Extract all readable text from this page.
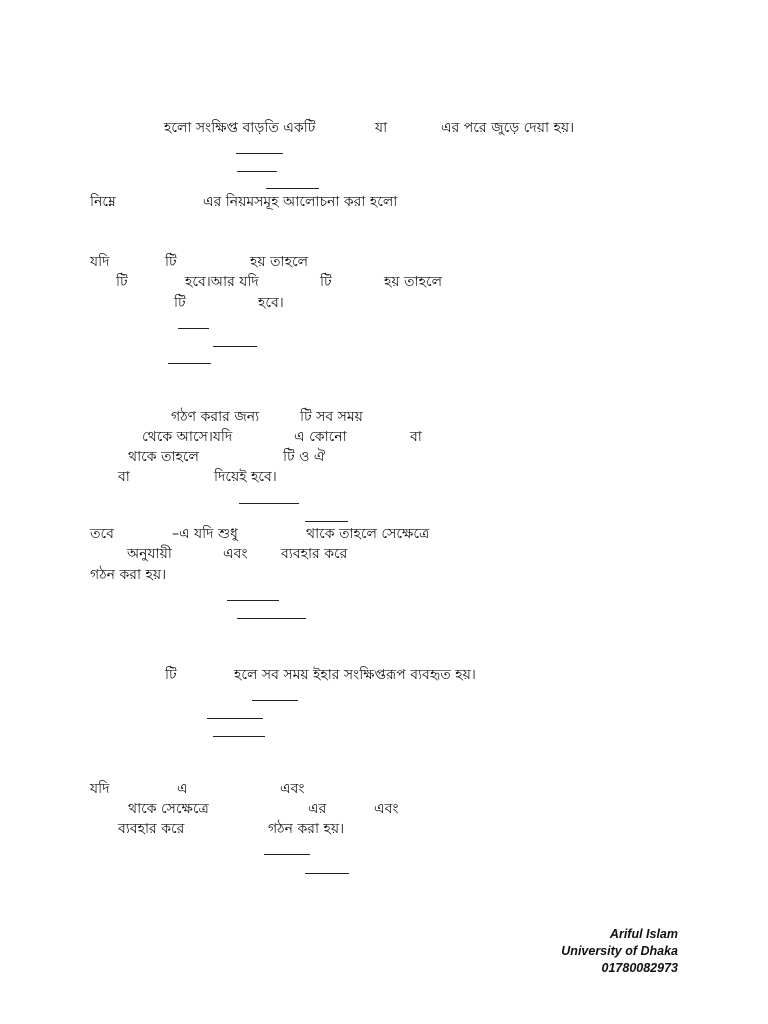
হলো সংক্ষিপ্ত বাড়তি একটি	যা	এর পরে জুড়ে দেয়া হয়।
নিম্নে	এর নিয়মসমূহ আলোচনা করা হলো
যদি	টি	হয় তাহলে
টি	হবে।আর যদি	টি	হয় তাহলে
টি	হবে।
গঠণ করার জন্য	টি সব সময়
থেকে আসে।যদি	এ কোনো	বা
থাকে তাহলে	টি ও ঐ
বা	দিয়েই হবে।
তবে	–এ যদি শুধু	থাকে তাহলে সেক্ষেত্রে
অনুযায়ী	এবং ব্যবহার করে
গঠন করা হয়।
টি	হলে সব সময় ইহার সংক্ষিপ্তরূপ ব্যবহৃত হয়।
যদি	এ	এবং
থাকে সেক্ষেত্রে	এর	এবং
ব্যবহার করে	গঠন করা হয়।
Ariful Islam
University of Dhaka
01780082973
